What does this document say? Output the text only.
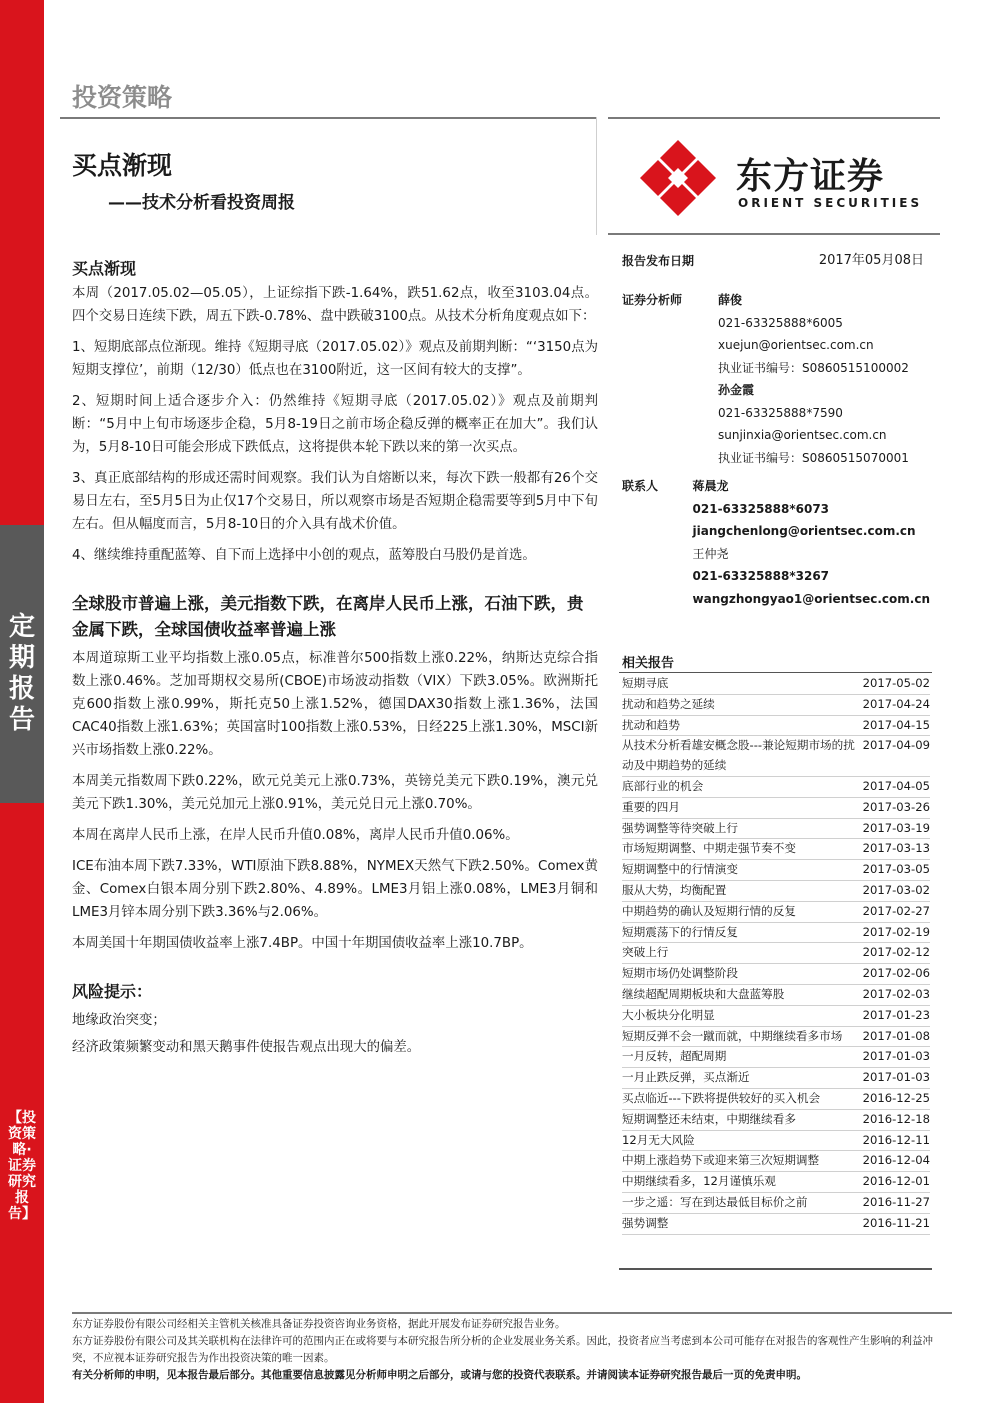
定期报告
【投资策略·证券研究报告】
投资策略
买点渐现
——技术分析看投资周报
东方证券
ORIENT SECURITIES
买点渐现

本周（2017.05.02—05.05），上证综指下跌-1.64%，跌51.62点，收至3103.04点。四个交易日连续下跌，周五下跌-0.78%、盘中跌破3100点。从技术分析角度观点如下：

1、短期底部点位渐现。维持《短期寻底（2017.05.02）》观点及前期判断：“‘3150点为短期支撑位’，前期（12/30）低点也在3100附近，这一区间有较大的支撑”。

2、短期时间上适合逐步介入：仍然维持《短期寻底（2017.05.02）》观点及前期判断：“5月中上旬市场逐步企稳，5月8-19日之前市场企稳反弹的概率正在加大”。我们认为，5月8-10日可能会形成下跌低点，这将提供本轮下跌以来的第一次买点。

3、真正底部结构的形成还需时间观察。我们认为自熔断以来，每次下跌一般都有26个交易日左右，至5月5日为止仅17个交易日，所以观察市场是否短期企稳需要等到5月中下旬左右。但从幅度而言，5月8-10日的介入具有战术价值。

4、继续维持重配蓝筹、自下而上选择中小创的观点，蓝筹股白马股仍是首选。

全球股市普遍上涨，美元指数下跌，在离岸人民币上涨，石油下跌，贵金属下跌，全球国债收益率普遍上涨

本周道琼斯工业平均指数上涨0.05点，标准普尔500指数上涨0.22%，纳斯达克综合指数上涨0.46%。芝加哥期权交易所(CBOE)市场波动指数（VIX）下跌3.05%。欧洲斯托克600指数上涨0.99%，斯托克50上涨1.52%，德国DAX30指数上涨1.36%，法国CAC40指数上涨1.63%；英国富时100指数上涨0.53%，日经225上涨1.30%，MSCI新兴市场指数上涨0.22%。

本周美元指数周下跌0.22%，欧元兑美元上涨0.73%，英镑兑美元下跌0.19%，澳元兑美元下跌1.30%，美元兑加元上涨0.91%，美元兑日元上涨0.70%。

本周在离岸人民币上涨，在岸人民币升值0.08%，离岸人民币升值0.06%。

ICE布油本周下跌7.33%，WTI原油下跌8.88%，NYMEX天然气下跌2.50%。Comex黄金、Comex白银本周分别下跌2.80%、4.89%。LME3月铝上涨0.08%，LME3月铜和LME3月锌本周分别下跌3.36%与2.06%。

本周美国十年期国债收益率上涨7.4BP。中国十年期国债收益率上涨10.7BP。

风险提示：

地缘政治突变；

经济政策频繁变动和黑天鹅事件使报告观点出现大的偏差。

报告发布日期	2017年05月08日
证券分析师	薛俊
021-63325888*6005
xuejun@orientsec.com.cn
执业证书编号：S0860515100002
孙金霞
021-63325888*7590
sunjinxia@orientsec.com.cn
执业证书编号：S0860515070001
联系人	蒋晨龙
021-63325888*6073
jiangchenlong@orientsec.com.cn
王仲尧
021-63325888*3267
wangzhongyao1@orientsec.com.cn
相关报告
短期寻底	2017-05-02
扰动和趋势之延续	2017-04-24
扰动和趋势	2017-04-15
从技术分析看雄安概念股---兼论短期市场的扰动及中期趋势的延续
2017-04-09
底部行业的机会	2017-04-05
重要的四月	2017-03-26
强势调整等待突破上行	2017-03-19
市场短期调整、中期走强节奏不变	2017-03-13
短期调整中的行情演变	2017-03-05
服从大势，均衡配置	2017-03-02
中期趋势的确认及短期行情的反复	2017-02-27
短期震荡下的行情反复	2017-02-19
突破上行	2017-02-12
短期市场仍处调整阶段	2017-02-06
继续超配周期板块和大盘蓝筹股	2017-02-03
大小板块分化明显	2017-01-23
短期反弹不会一蹴而就，中期继续看多市场	2017-01-08
一月反转，超配周期	2017-01-03
一月止跌反弹，买点渐近	2017-01-03
买点临近---下跌将提供较好的买入机会	2016-12-25
短期调整还未结束，中期继续看多	2016-12-18
12月无大风险	2016-12-11
中期上涨趋势下或迎来第三次短期调整	2016-12-04
中期继续看多，12月谨慎乐观	2016-12-01
一步之遥：写在到达最低目标价之前	2016-11-27
强势调整	2016-11-21
东方证券股份有限公司经相关主管机关核准具备证券投资咨询业务资格，据此开展发布证券研究报告业务。
东方证券股份有限公司及其关联机构在法律许可的范围内正在或将要与本研究报告所分析的企业发展业务关系。因此，投资者应当考虑到本公司可能存在对报告的客观性产生影响的利益冲突，不应视本证券研究报告为作出投资决策的唯一因素。
有关分析师的申明，见本报告最后部分。其他重要信息披露见分析师申明之后部分，或请与您的投资代表联系。并请阅读本证券研究报告最后一页的免责申明。
